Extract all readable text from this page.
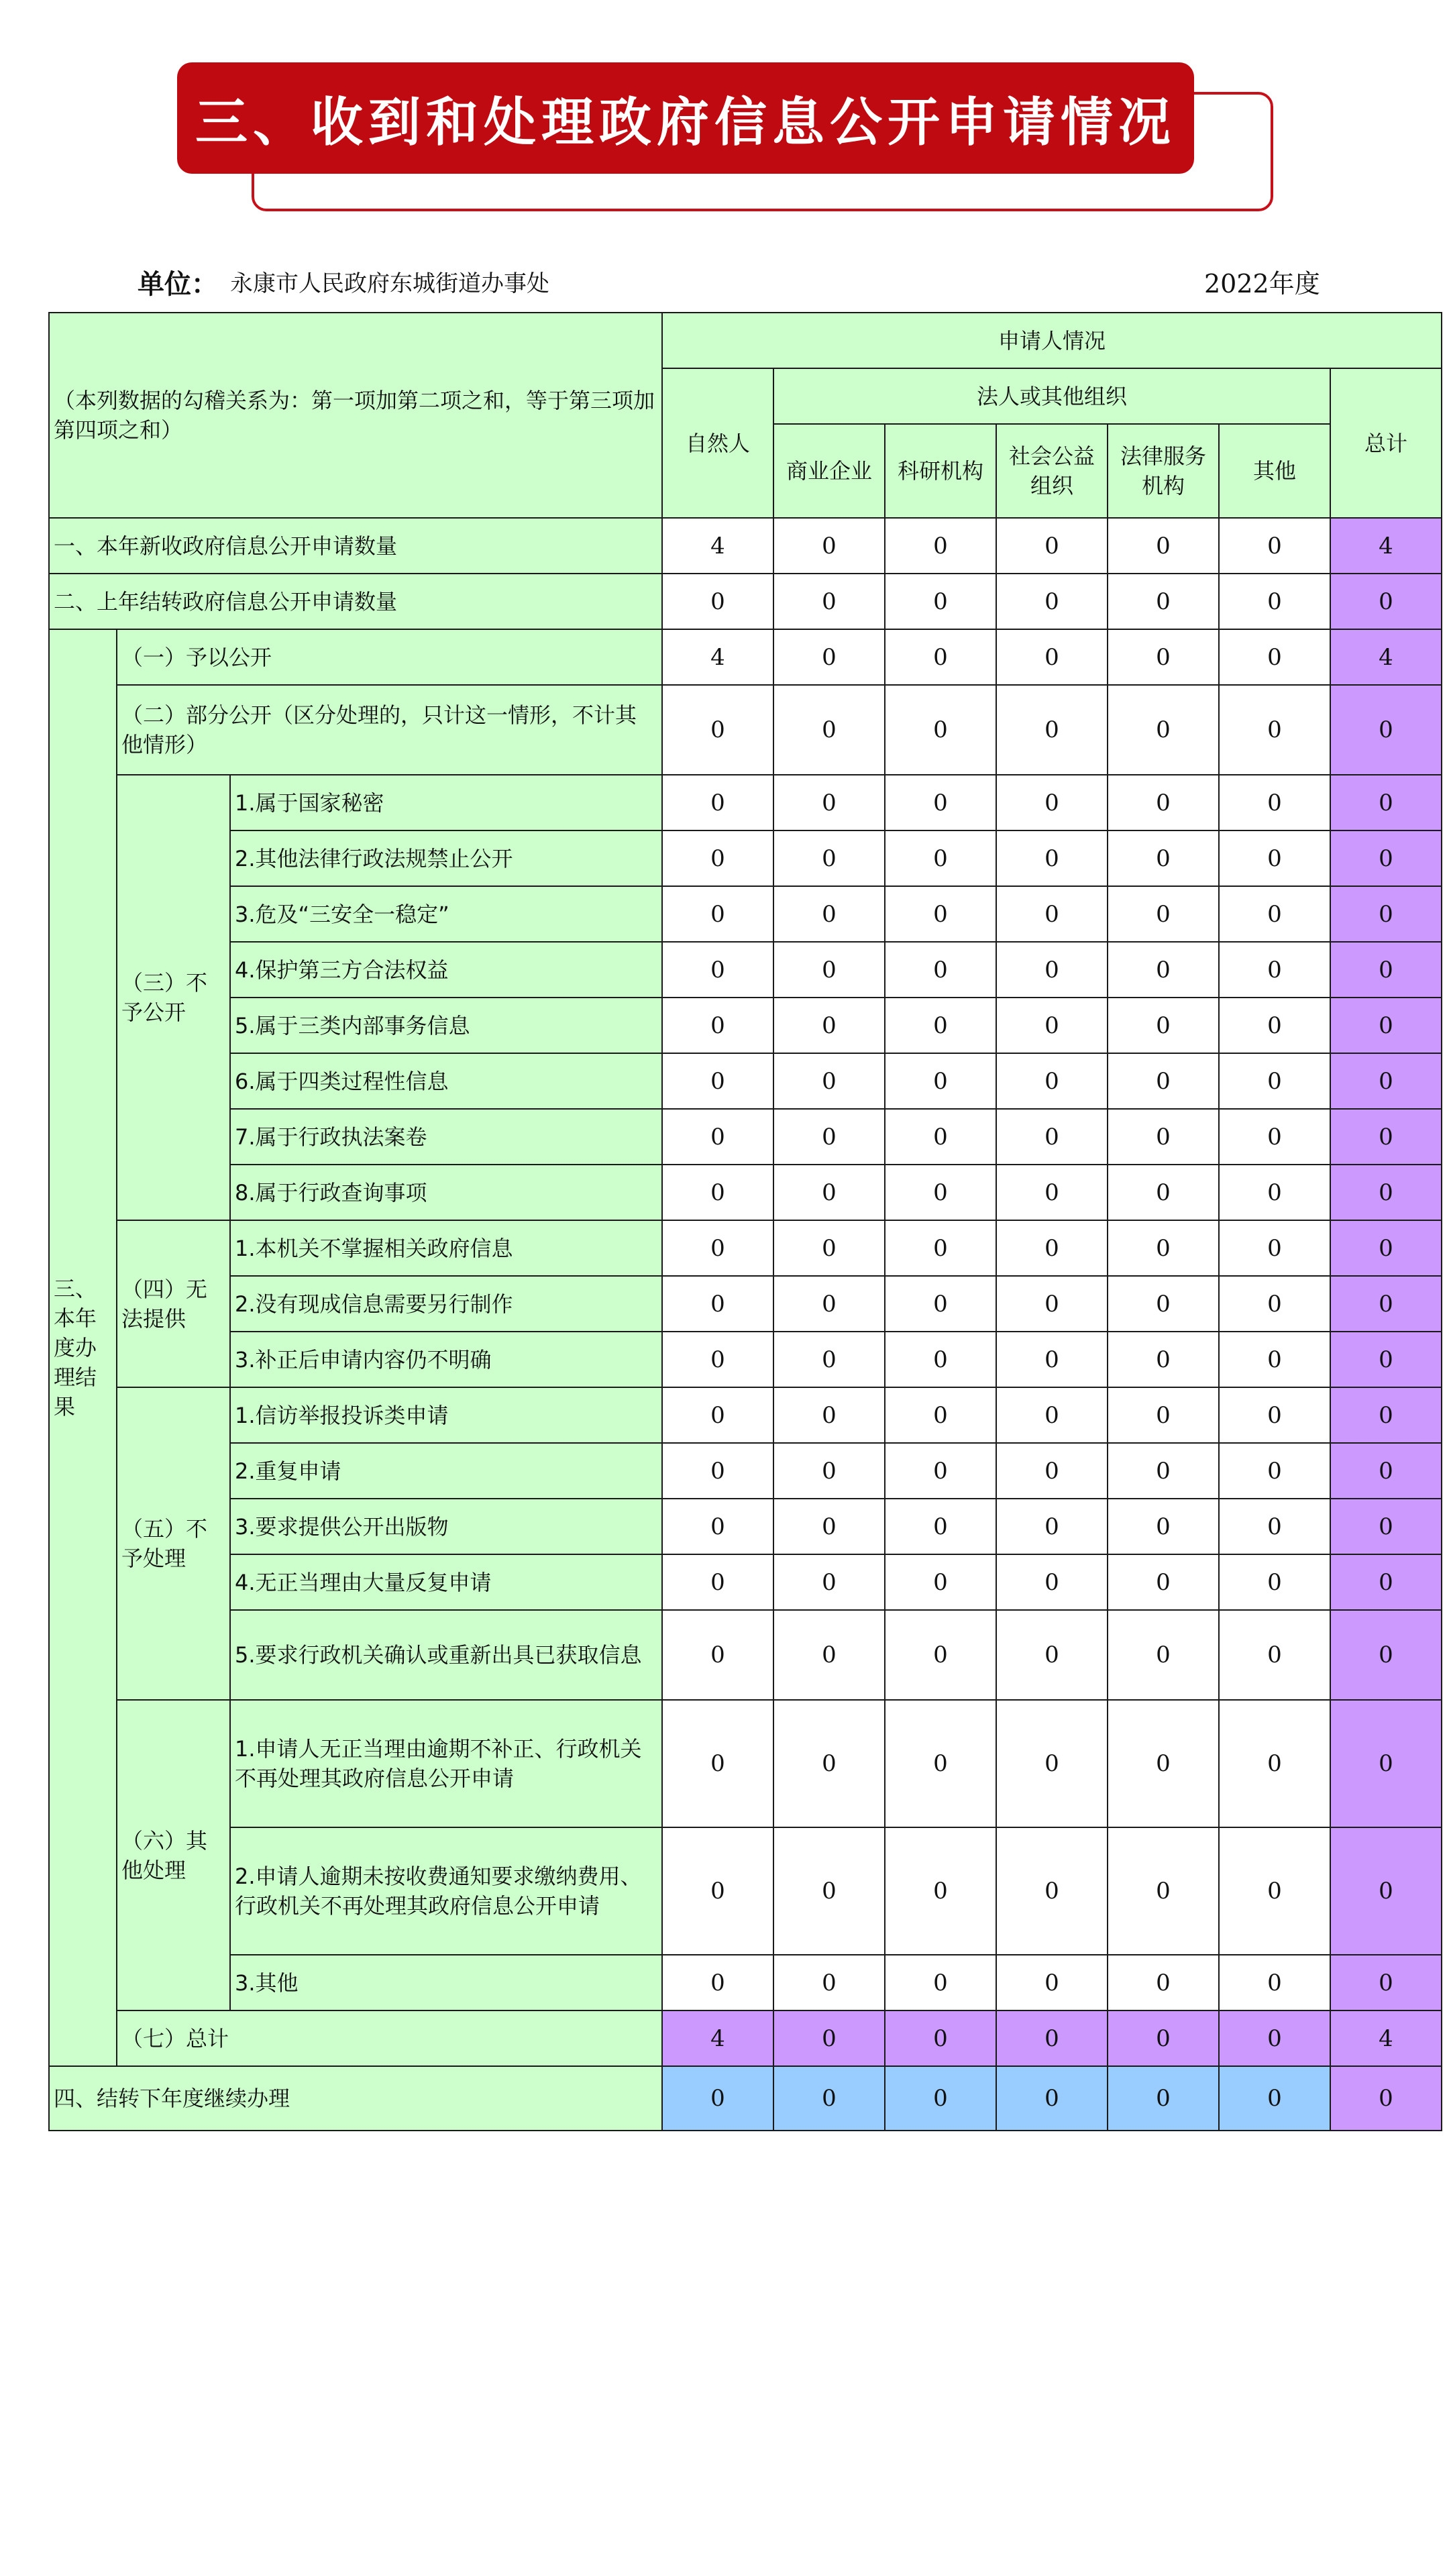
三、收到和处理政府信息公开申请情况
单位： 永康市人民政府东城街道办事处	2022年度
（本列数据的勾稽关系为：第一项加第二项之和，等于第三项加第四项之和）			申请人情况						
			自然人	法人或其他组织					总计
				商业企业	科研机构	社会公益组织	法律服务机构	其他	
一、本年新收政府信息公开申请数量			4	0	0	0	0	0	4
二、上年结转政府信息公开申请数量			0	0	0	0	0	0	0
三、本年度办理结果	（一）予以公开		4	0	0	0	0	0	4
	（二）部分公开（区分处理的，只计这一情形，不计其他情形）		0	0	0	0	0	0	0
	（三）不予公开	1.属于国家秘密	0	0	0	0	0	0	0
		2.其他法律行政法规禁止公开	0	0	0	0	0	0	0
		3.危及“三安全一稳定”	0	0	0	0	0	0	0
		4.保护第三方合法权益	0	0	0	0	0	0	0
		5.属于三类内部事务信息	0	0	0	0	0	0	0
		6.属于四类过程性信息	0	0	0	0	0	0	0
		7.属于行政执法案卷	0	0	0	0	0	0	0
		8.属于行政查询事项	0	0	0	0	0	0	0
	（四）无法提供	1.本机关不掌握相关政府信息	0	0	0	0	0	0	0
		2.没有现成信息需要另行制作	0	0	0	0	0	0	0
		3.补正后申请内容仍不明确	0	0	0	0	0	0	0
	（五）不予处理	1.信访举报投诉类申请	0	0	0	0	0	0	0
		2.重复申请	0	0	0	0	0	0	0
		3.要求提供公开出版物	0	0	0	0	0	0	0
		4.无正当理由大量反复申请	0	0	0	0	0	0	0
		5.要求行政机关确认或重新出具已获取信息	0	0	0	0	0	0	0
	（六）其他处理	1.申请人无正当理由逾期不补正、行政机关不再处理其政府信息公开申请	0	0	0	0	0	0	0
		2.申请人逾期未按收费通知要求缴纳费用、行政机关不再处理其政府信息公开申请	0	0	0	0	0	0	0
		3.其他	0	0	0	0	0	0	0
	（七）总计		4	0	0	0	0	0	4
四、结转下年度继续办理			0	0	0	0	0	0	0
